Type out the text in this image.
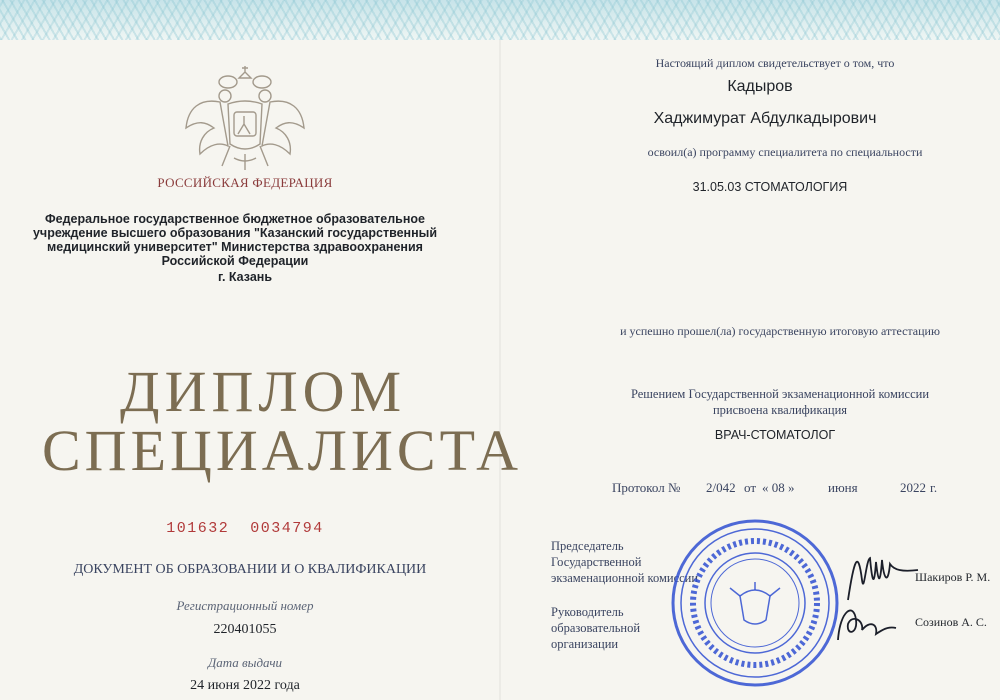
РОССИЙСКАЯ ФЕДЕРАЦИЯ
Федеральное государственное бюджетное образовательное
учреждение высшего образования "Казанский государственный
медицинский университет" Министерства здравоохранения
Российской Федерации
г. Казань
ДИПЛОМ
СПЕЦИАЛИСТА
101632  0034794
ДОКУМЕНТ ОБ ОБРАЗОВАНИИ И О КВАЛИФИКАЦИИ
Регистрационный номер
220401055
Дата выдачи
24 июня 2022 года
Настоящий диплом свидетельствует о том, что
Кадыров
Хаджимурат Абдулкадырович
освоил(а) программу специалитета по специальности
31.05.03 СТОМАТОЛОГИЯ
и успешно прошел(ла) государственную итоговую аттестацию
Решением Государственной экзаменационной комиссии
присвоена квалификация
ВРАЧ-СТОМАТОЛОГ
Протокол № 2/042 от « 08 »	июня	2022 г.
Председатель
Государственной
экзаменационной комиссии
Руководитель образовательной
организации
Шакиров Р. М.
Созинов А. С.
